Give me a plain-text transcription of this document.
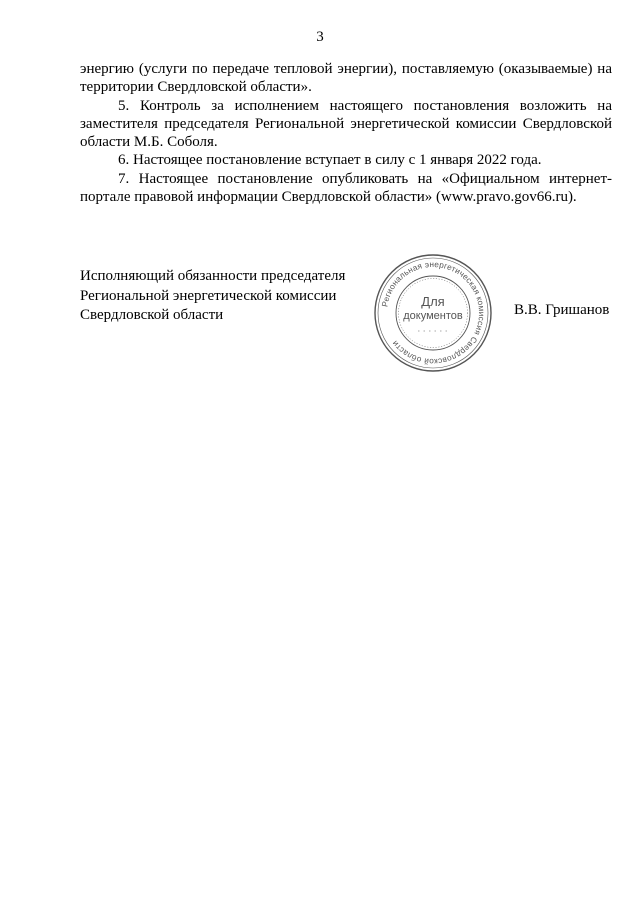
3

энергию (услуги по передаче тепловой энергии), поставляемую (оказываемые) на территории Свердловской области».

5. Контроль за исполнением настоящего постановления возложить на заместителя председателя Региональной энергетической комиссии Свердловской области М.Б. Соболя.

6. Настоящее постановление вступает в силу с 1 января 2022 года.

7. Настоящее постановление опубликовать на «Официальном интернет-портале правовой информации Свердловской области» (www.pravo.gov66.ru).

Исполняющий обязанности председателя
Региональной энергетической комиссии
Свердловской области
Региональная энергетическая комиссия Свердловской области
Для
документов	В.В. Гришанов
